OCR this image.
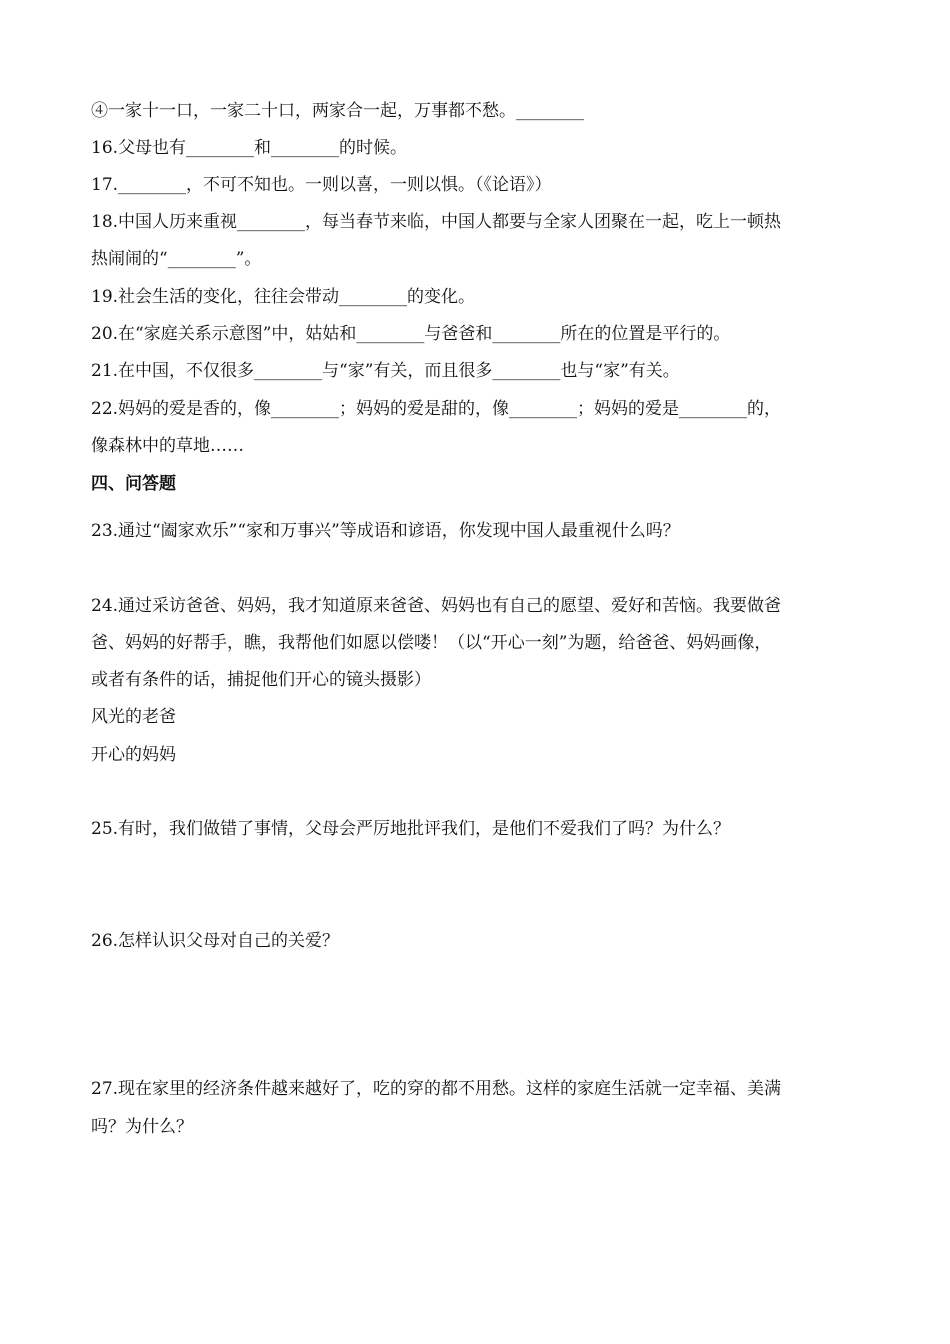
④一家十一口，一家二十口，两家合一起，万事都不愁。________
16.父母也有________和________的时候。
17.________，不可不知也。一则以喜，一则以惧。（《论语》）
18.中国人历来重视________，每当春节来临，中国人都要与全家人团聚在一起，吃上一顿热
热闹闹的“________”。
19.社会生活的变化，往往会带动________的变化。
20.在“家庭关系示意图”中，姑姑和________与爸爸和________所在的位置是平行的。
21.在中国，不仅很多________与“家”有关，而且很多________也与“家”有关。
22.妈妈的爱是香的，像________；妈妈的爱是甜的，像________；妈妈的爱是________的，
像森林中的草地……
四、问答题
23.通过“阖家欢乐”“家和万事兴”等成语和谚语，你发现中国人最重视什么吗？
24.通过采访爸爸、妈妈，我才知道原来爸爸、妈妈也有自己的愿望、爱好和苦恼。我要做爸
爸、妈妈的好帮手，瞧，我帮他们如愿以偿喽！（以“开心一刻”为题，给爸爸、妈妈画像，
或者有条件的话，捕捉他们开心的镜头摄影）
风光的老爸
开心的妈妈
25.有时，我们做错了事情，父母会严厉地批评我们，是他们不爱我们了吗？为什么？
26.怎样认识父母对自己的关爱？
27.现在家里的经济条件越来越好了，吃的穿的都不用愁。这样的家庭生活就一定幸福、美满
吗？为什么？
